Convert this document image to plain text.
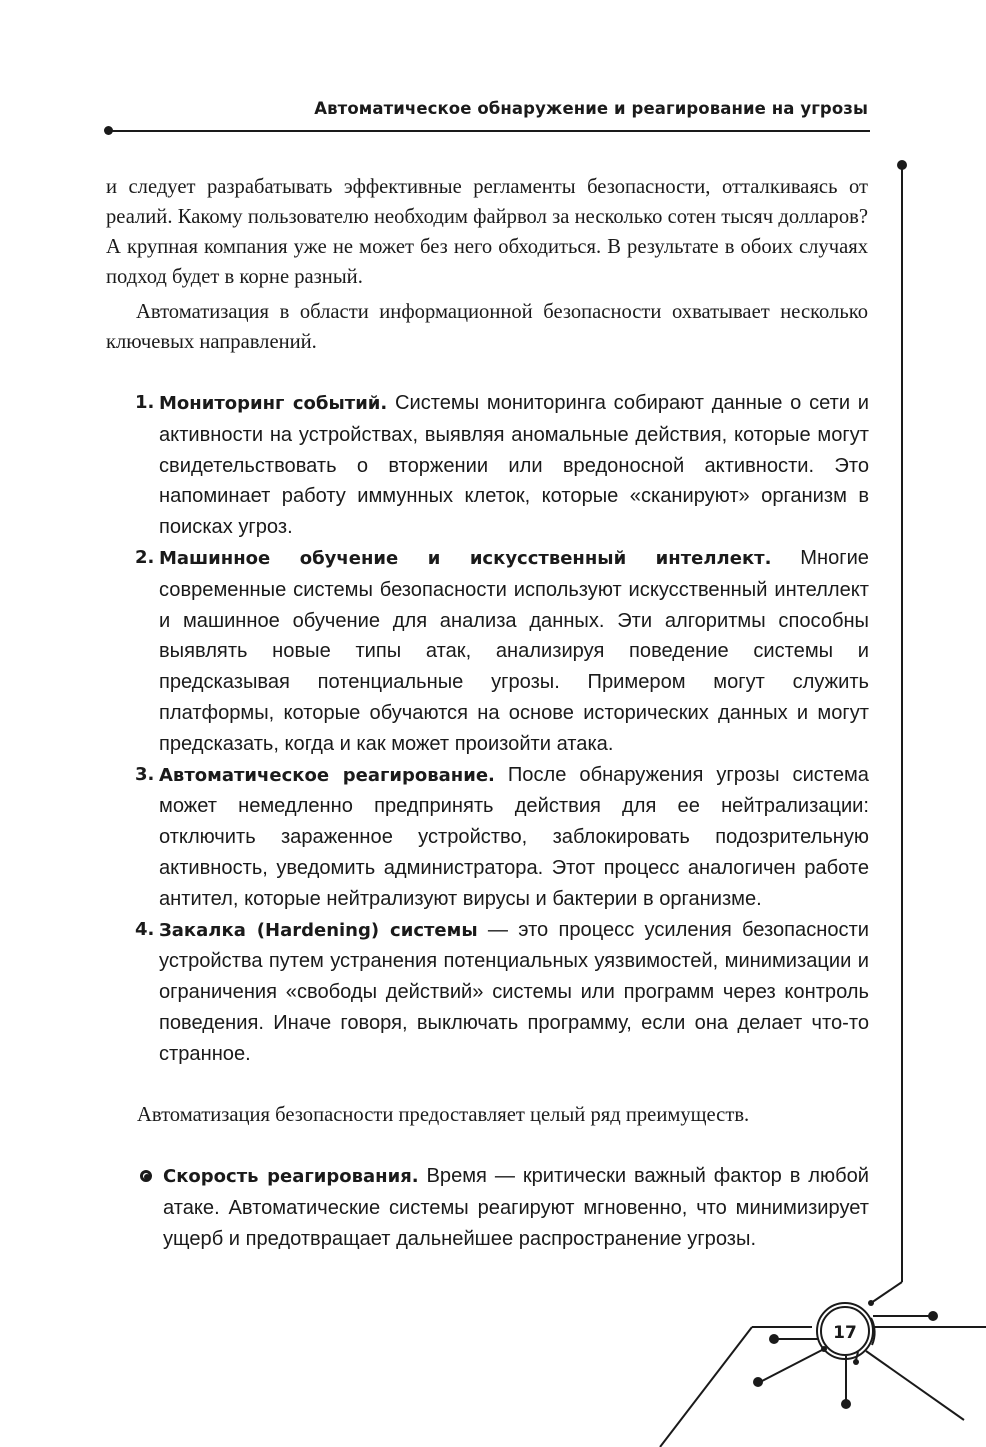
Автоматическое обнаружение и реагирование на угрозы

и следует разрабатывать эффективные регламенты безопасности, отталкиваясь от реалий. Какому пользователю необходим файрвол за несколько сотен тысяч долларов? А крупная компания уже не может без него обходиться. В результате в обоих случаях подход будет в корне разный.

Автоматизация в области информационной безопасности охватывает несколько ключевых направлений.

1. Мониторинг событий. Системы мониторинга собирают данные о сети и активности на устройствах, выявляя аномальные действия, которые могут свидетельствовать о вторжении или вредоносной активности. Это напоминает работу иммунных клеток, которые «сканируют» организм в поисках угроз.

2. Машинное обучение и искусственный интеллект. Многие современные системы безопасности используют искусственный интеллект и машинное обучение для анализа данных. Эти алгоритмы способны выявлять новые типы атак, анализируя поведение системы и предсказывая потенциальные угрозы. Примером могут служить платформы, которые обучаются на основе исторических данных и могут предсказать, когда и как может произойти атака.

3. Автоматическое реагирование. После обнаружения угрозы система может немедленно предпринять действия для ее нейтрализации: отключить зараженное устройство, заблокировать подозрительную активность, уведомить администратора. Этот процесс аналогичен работе антител, которые нейтрализуют вирусы и бактерии в организме.

4. Закалка (Hardening) системы — это процесс усиления безопасности устройства путем устранения потенциальных уязвимостей, минимизации и ограничения «свободы действий» системы или программ через контроль поведения. Иначе говоря, выключать программу, если она делает что-то странное.

Автоматизация безопасности предоставляет целый ряд преимуществ.

Скорость реагирования. Время — критически важный фактор в любой атаке. Автоматические системы реагируют мгновенно, что минимизирует ущерб и предотвращает дальнейшее распространение угрозы.

17
